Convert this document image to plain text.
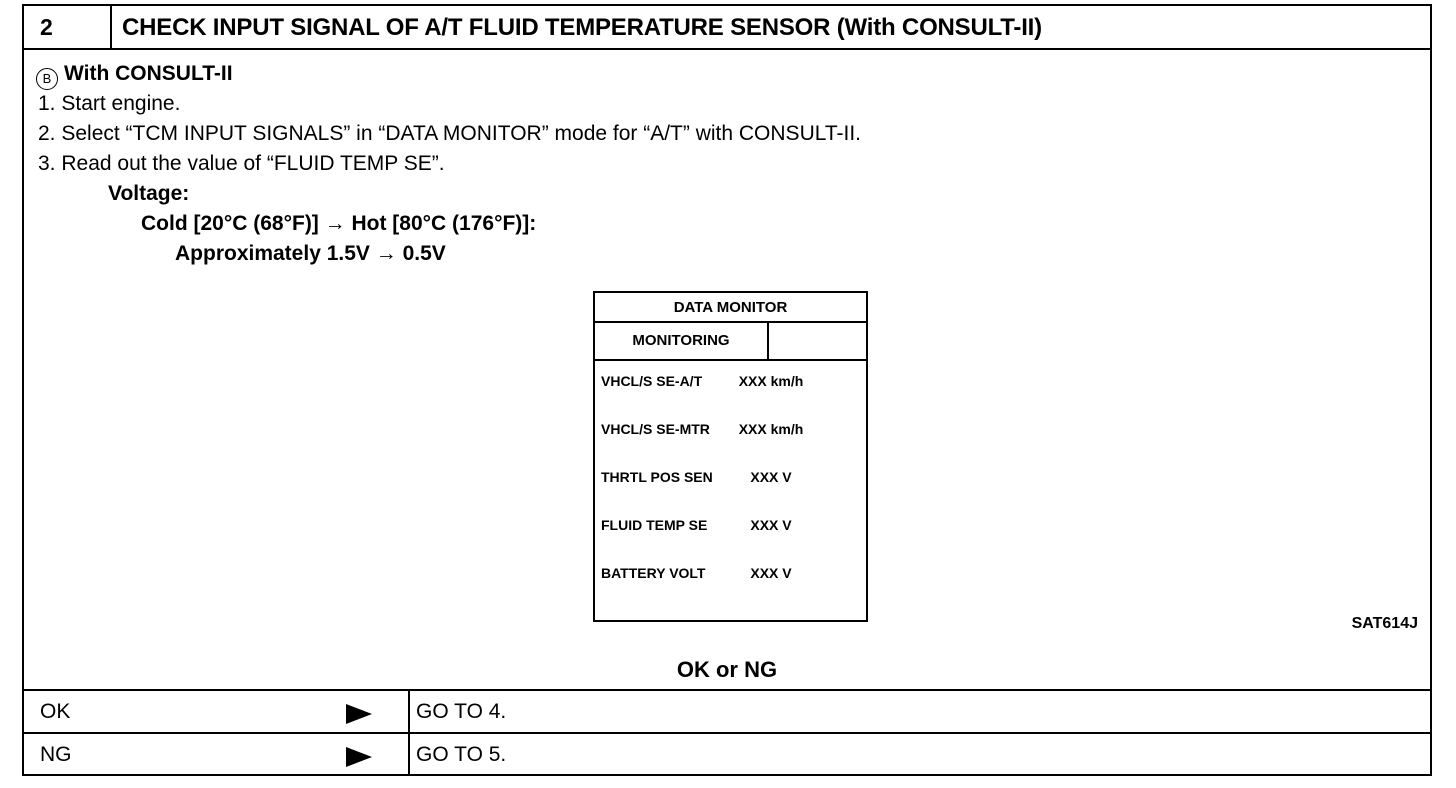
2	CHECK INPUT SIGNAL OF A/T FLUID TEMPERATURE SENSOR (With CONSULT-II)
B With CONSULT-II
1. Start engine.
2. Select “TCM INPUT SIGNALS” in “DATA MONITOR” mode for “A/T” with CONSULT-II.
3. Read out the value of “FLUID TEMP SE”.
Voltage:
Cold [20°C (68°F)] → Hot [80°C (176°F)]:
Approximately 1.5V → 0.5V
DATA MONITOR
MONITORING
VHCL/S SE-A/T	XXX km/h
VHCL/S SE-MTR XXX km/h
THRTL POS SEN	XXX V
FLUID TEMP SE	XXX V
BATTERY VOLT	XXX V
SAT614J
OK or NG
OK	GO TO 4.
NG	GO TO 5.
